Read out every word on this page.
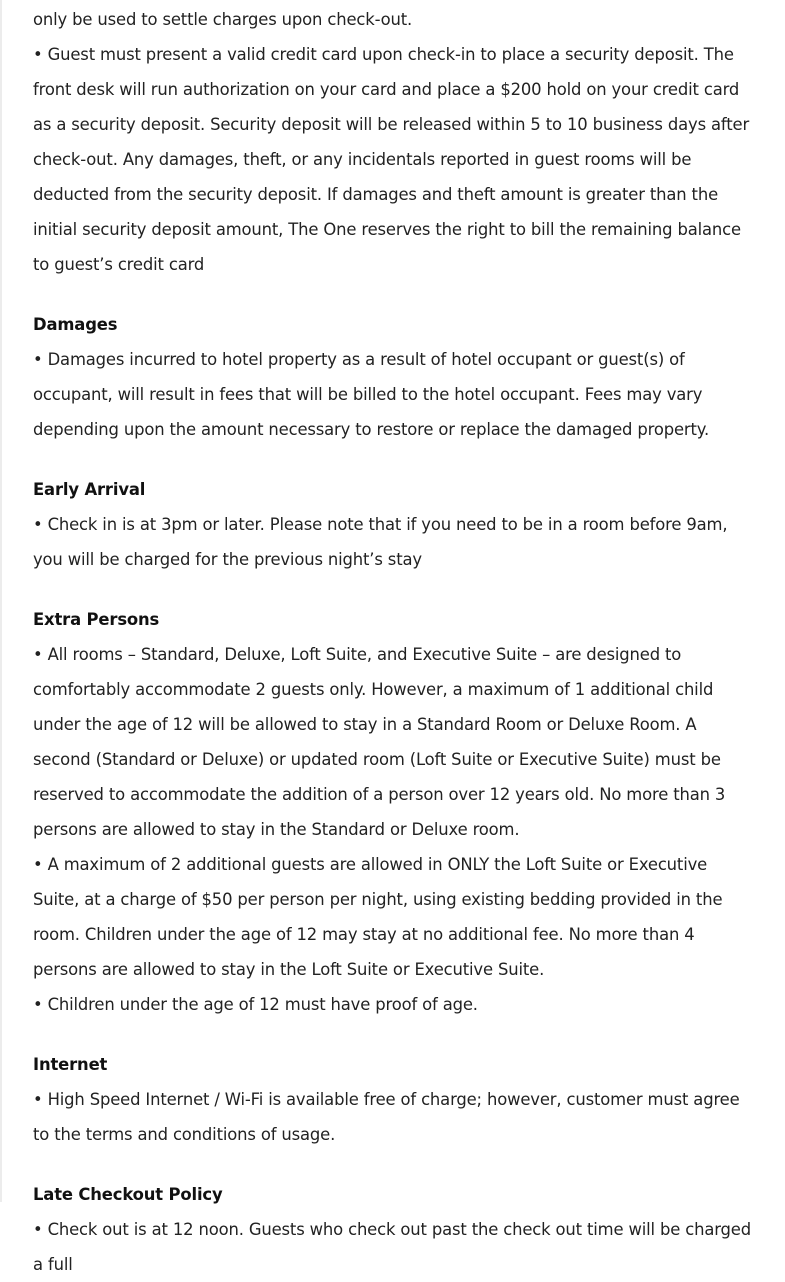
only be used to settle charges upon check-out.

• Guest must present a valid credit card upon check-in to place a security deposit. The front desk will run authorization on your card and place a $200 hold on your credit card as a security deposit. Security deposit will be released within 5 to 10 business days after check-out. Any damages, theft, or any incidentals reported in guest rooms will be deducted from the security deposit. If damages and theft amount is greater than the initial security deposit amount, The One reserves the right to bill the remaining balance to guest’s credit card

Damages

• Damages incurred to hotel property as a result of hotel occupant or guest(s) of occupant, will result in fees that will be billed to the hotel occupant. Fees may vary depending upon the amount necessary to restore or replace the damaged property.

Early Arrival

• Check in is at 3pm or later. Please note that if you need to be in a room before 9am, you will be charged for the previous night’s stay

Extra Persons

• All rooms – Standard, Deluxe, Loft Suite, and Executive Suite – are designed to comfortably accommodate 2 guests only. However, a maximum of 1 additional child under the age of 12 will be allowed to stay in a Standard Room or Deluxe Room. A second (Standard or Deluxe) or updated room (Loft Suite or Executive Suite) must be reserved to accommodate the addition of a person over 12 years old. No more than 3 persons are allowed to stay in the Standard or Deluxe room.

• A maximum of 2 additional guests are allowed in ONLY the Loft Suite or Executive Suite, at a charge of $50 per person per night, using existing bedding provided in the room. Children under the age of 12 may stay at no additional fee. No more than 4 persons are allowed to stay in the Loft Suite or Executive Suite.

• Children under the age of 12 must have proof of age.

Internet

• High Speed Internet / Wi-Fi is available free of charge; however, customer must agree to the terms and conditions of usage.

Late Checkout Policy

• Check out is at 12 noon. Guests who check out past the check out time will be charged a full
